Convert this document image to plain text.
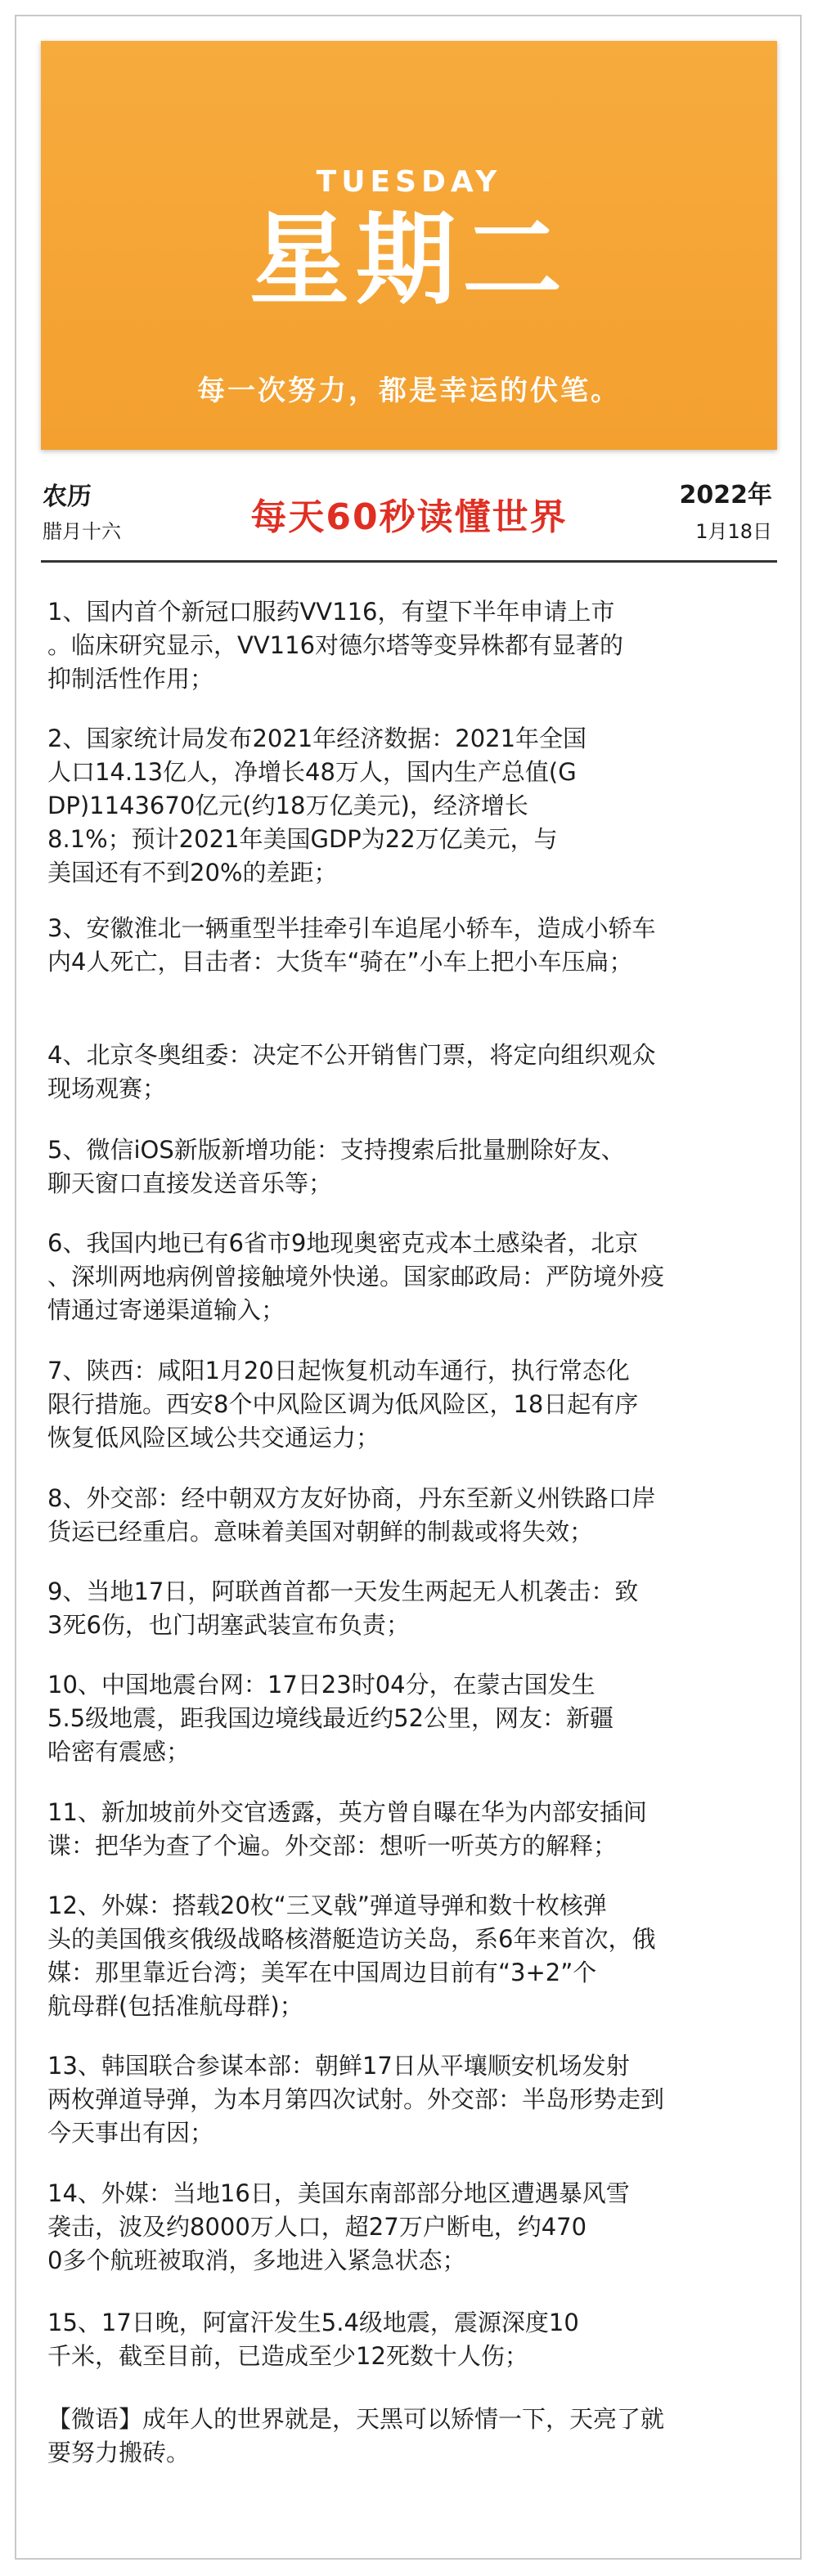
TUESDAY
星期二
每一次努力，都是幸运的伏笔。
农历
腊月十六	每天60秒读懂世界
2022年
1月18日
1、国内首个新冠口服药VV116，有望下半年申请上市
。临床研究显示，VV116对德尔塔等变异株都有显著的
抑制活性作用；
2、国家统计局发布2021年经济数据：2021年全国
人口14.13亿人，净增长48万人，国内生产总值(G
DP)1143670亿元(约18万亿美元)，经济增长
8.1%；预计2021年美国GDP为22万亿美元，与
美国还有不到20%的差距；
3、安徽淮北一辆重型半挂牵引车追尾小轿车，造成小轿车
内4人死亡，目击者：大货车“骑在”小车上把小车压扁；
4、北京冬奥组委：决定不公开销售门票，将定向组织观众
现场观赛；
5、微信iOS新版新增功能：支持搜索后批量删除好友、
聊天窗口直接发送音乐等；
6、我国内地已有6省市9地现奥密克戎本土感染者，北京
、深圳两地病例曾接触境外快递。国家邮政局：严防境外疫
情通过寄递渠道输入；
7、陕西：咸阳1月20日起恢复机动车通行，执行常态化
限行措施。西安8个中风险区调为低风险区，18日起有序
恢复低风险区域公共交通运力；
8、外交部：经中朝双方友好协商，丹东至新义州铁路口岸
货运已经重启。意味着美国对朝鲜的制裁或将失效；
9、当地17日，阿联酋首都一天发生两起无人机袭击：致
3死6伤，也门胡塞武装宣布负责；
10、中国地震台网：17日23时04分，在蒙古国发生
5.5级地震，距我国边境线最近约52公里，网友：新疆
哈密有震感；
11、新加坡前外交官透露，英方曾自曝在华为内部安插间
谍：把华为查了个遍。外交部：想听一听英方的解释；
12、外媒：搭载20枚“三叉戟”弹道导弹和数十枚核弹
头的美国俄亥俄级战略核潜艇造访关岛，系6年来首次，俄
媒：那里靠近台湾；美军在中国周边目前有“3+2”个
航母群(包括准航母群)；
13、韩国联合参谋本部：朝鲜17日从平壤顺安机场发射
两枚弹道导弹，为本月第四次试射。外交部：半岛形势走到
今天事出有因；
14、外媒：当地16日，美国东南部部分地区遭遇暴风雪
袭击，波及约8000万人口，超27万户断电，约470
0多个航班被取消，多地进入紧急状态；
15、17日晚，阿富汗发生5.4级地震，震源深度10
千米，截至目前，已造成至少12死数十人伤；
【微语】成年人的世界就是，天黑可以矫情一下，天亮了就
要努力搬砖。
